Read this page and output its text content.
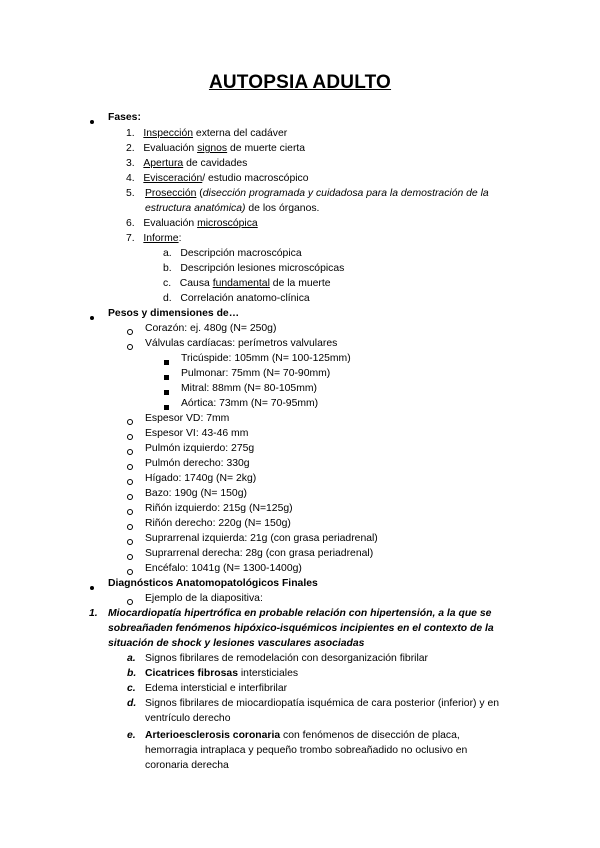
AUTOPSIA ADULTO
Fases:
1. Inspección externa del cadáver
2. Evaluación signos de muerte cierta
3. Apertura de cavidades
4. Evisceración/ estudio macroscópico
5. Prosección (disección programada y cuidadosa para la demostración de la estructura anatómica) de los órganos.
6. Evaluación microscópica
7. Informe:
a. Descripción macroscópica
b. Descripción lesiones microscópicas
c. Causa fundamental de la muerte
d. Correlación anatomo-clínica
Pesos y dimensiones de…
Corazón: ej. 480g (N= 250g)
Válvulas cardíacas: perímetros valvulares
Tricúspide: 105mm (N= 100-125mm)
Pulmonar: 75mm (N= 70-90mm)
Mitral: 88mm (N= 80-105mm)
Aórtica: 73mm (N= 70-95mm)
Espesor VD: 7mm
Espesor VI: 43-46 mm
Pulmón izquierdo: 275g
Pulmón derecho: 330g
Hígado: 1740g (N= 2kg)
Bazo: 190g (N= 150g)
Riñón izquierdo: 215g (N=125g)
Riñón derecho: 220g (N= 150g)
Suprarrenal izquierda: 21g (con grasa periadrenal)
Suprarrenal derecha: 28g (con grasa periadrenal)
Encéfalo: 1041g (N= 1300-1400g)
Diagnósticos Anatomopatológicos Finales
Ejemplo de la diapositiva:
1. Miocardiopatía hipertrófica en probable relación con hipertensión, a la que se
sobreañaden fenómenos hipóxico-isquémicos incipientes en el contexto de la
situación de shock y lesiones vasculares asociadas
a. Signos fibrilares de remodelación con desorganización fibrilar
b. Cicatrices fibrosas intersticiales
c. Edema intersticial e interfibrilar
d. Signos fibrilares de miocardiopatía isquémica de cara posterior (inferior) y en
ventrículo derecho
e. Arterioesclerosis coronaria con fenómenos de disección de placa,
hemorragia intraplaca y pequeño trombo sobreañadido no oclusivo en
coronaria derecha
